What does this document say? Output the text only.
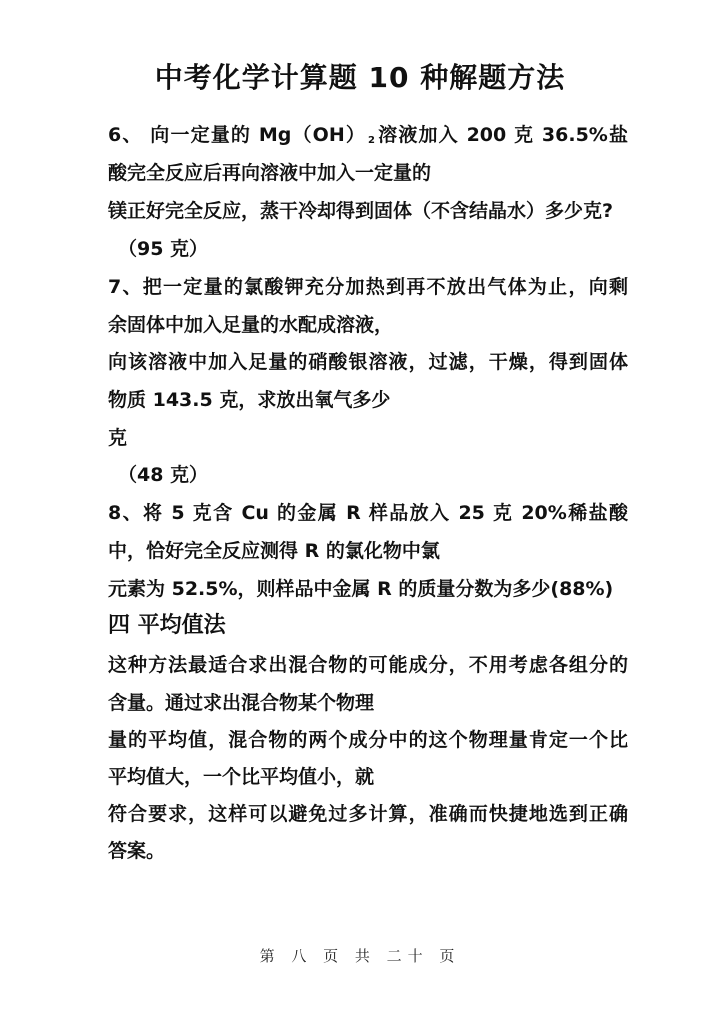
中考化学计算题 10 种解题方法
6、 向一定量的 Mg（OH） $_2$ 溶液加入 200 克 36.5%盐
酸完全反应后再向溶液中加入一定量的
镁正好完全反应，蒸干冷却得到固体（不含结晶水）多少克?
（95 克）
7、把一定量的氯酸钾充分加热到再不放出气体为止，向剩
余固体中加入足量的水配成溶液，
向该溶液中加入足量的硝酸银溶液，过滤，干燥，得到固体
物质 143.5 克，求放出氧气多少
克
（48 克）
8、将 5 克含 Cu 的金属 R 样品放入 25 克 20%稀盐酸
中，恰好完全反应测得 R 的氯化物中氯
元素为 52.5%，则样品中金属 R 的质量分数为多少(88%)
四 平均值法
这种方法最适合求出混合物的可能成分，不用考虑各组分的
含量。通过求出混合物某个物理
量的平均值，混合物的两个成分中的这个物理量肯定一个比
平均值大，一个比平均值小，就
符合要求，这样可以避免过多计算，准确而快捷地选到正确
答案。
第 八 页 共 二十 页
